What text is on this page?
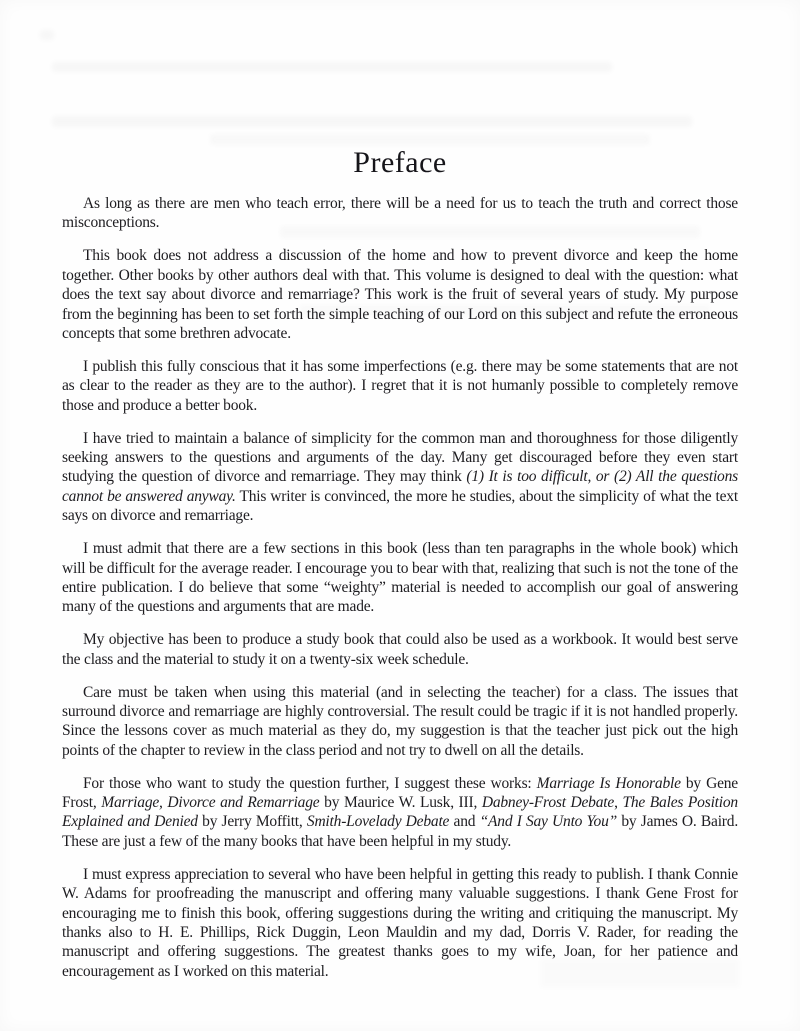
Preface

As long as there are men who teach error, there will be a need for us to teach the truth and correct those misconceptions.

This book does not address a discussion of the home and how to prevent divorce and keep the home together. Other books by other authors deal with that. This volume is designed to deal with the question: what does the text say about divorce and remarriage? This work is the fruit of several years of study. My purpose from the beginning has been to set forth the simple teaching of our Lord on this subject and refute the erroneous concepts that some brethren advocate.

I publish this fully conscious that it has some imperfections (e.g. there may be some statements that are not as clear to the reader as they are to the author). I regret that it is not humanly possible to completely remove those and produce a better book.

I have tried to maintain a balance of simplicity for the common man and thoroughness for those diligently seeking answers to the questions and arguments of the day. Many get discouraged before they even start studying the question of divorce and remarriage. They may think (1) It is too difficult, or (2) All the questions cannot be answered anyway. This writer is convinced, the more he studies, about the simplicity of what the text says on divorce and remarriage.

I must admit that there are a few sections in this book (less than ten paragraphs in the whole book) which will be difficult for the average reader. I encourage you to bear with that, realizing that such is not the tone of the entire publication. I do believe that some “weighty” material is needed to accomplish our goal of answering many of the questions and arguments that are made.

My objective has been to produce a study book that could also be used as a workbook. It would best serve the class and the material to study it on a twenty-six week schedule.

Care must be taken when using this material (and in selecting the teacher) for a class. The issues that surround divorce and remarriage are highly controversial. The result could be tragic if it is not handled properly. Since the lessons cover as much material as they do, my suggestion is that the teacher just pick out the high points of the chapter to review in the class period and not try to dwell on all the details.

For those who want to study the question further, I suggest these works: Marriage Is Honorable by Gene Frost, Marriage, Divorce and Remarriage by Maurice W. Lusk, III, Dabney-Frost Debate, The Bales Position Explained and Denied by Jerry Moffitt, Smith-Lovelady Debate and “And I Say Unto You” by James O. Baird. These are just a few of the many books that have been helpful in my study.

I must express appreciation to several who have been helpful in getting this ready to publish. I thank Connie W. Adams for proofreading the manuscript and offering many valuable suggestions. I thank Gene Frost for encouraging me to finish this book, offering suggestions during the writing and critiquing the manuscript. My thanks also to H. E. Phillips, Rick Duggin, Leon Mauldin and my dad, Dorris V. Rader, for reading the manuscript and offering suggestions. The greatest thanks goes to my wife, Joan, for her patience and encouragement as I worked on this material.
